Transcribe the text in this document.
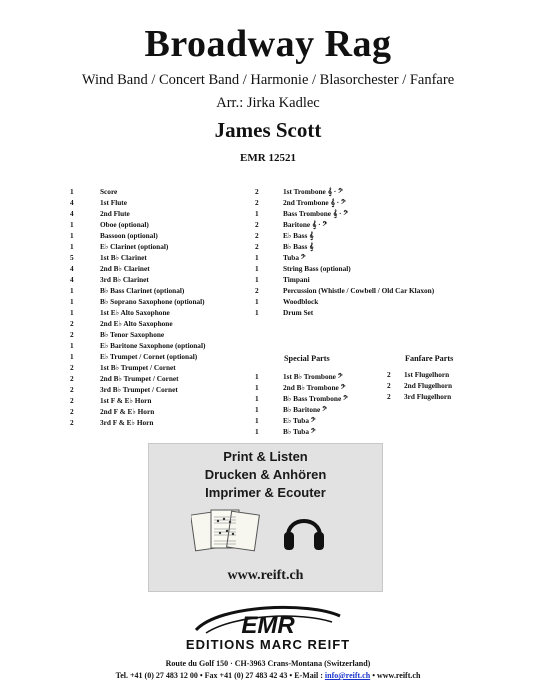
Broadway Rag
Wind Band / Concert Band / Harmonie / Blasorchester / Fanfare
Arr.: Jirka Kadlec
James Scott
EMR 12521
1	Score
4	1st Flute
4	2nd Flute
1	Oboe (optional)
1	Bassoon (optional)
1	E♭ Clarinet (optional)
5	1st B♭ Clarinet
4	2nd B♭ Clarinet
4	3rd B♭ Clarinet
1	B♭ Bass Clarinet (optional)
1	B♭ Soprano Saxophone (optional)
1	1st E♭ Alto Saxophone
2	2nd E♭ Alto Saxophone
2	B♭ Tenor Saxophone
1	E♭ Baritone Saxophone (optional)
1	E♭ Trumpet / Cornet (optional)
2	1st B♭ Trumpet / Cornet
2	2nd B♭ Trumpet / Cornet
2	3rd B♭ Trumpet / Cornet
2	1st F & E♭ Horn
2	2nd F & E♭ Horn
2	3rd F & E♭ Horn
2	1st Trombone 𝄞 · 𝄢
2	2nd Trombone 𝄞 · 𝄢
1	Bass Trombone 𝄞 · 𝄢
2	Baritone 𝄞 · 𝄢
2	E♭ Bass 𝄞
2	B♭ Bass 𝄞
1	Tuba 𝄢
1	String Bass (optional)
1	Timpani
2	Percussion (Whistle / Cowbell / Old Car Klaxon)
1	Woodblock
1	Drum Set
Special Parts	Fanfare Parts
1	1st B♭ Trombone 𝄢
1	2nd B♭ Trombone 𝄢
1	B♭ Bass Trombone 𝄢
1	B♭ Baritone 𝄢
1	E♭ Tuba 𝄢
1	B♭ Tuba 𝄢
2	1st Flugelhorn
2	2nd Flugelhorn
2	3rd Flugelhorn
Print & Listen
Drucken & Anhören
Imprimer & Ecouter
www.reift.ch
EMR
EDITIONS MARC REIFT
Route du Golf 150 · CH-3963 Crans-Montana (Switzerland)
Tel. +41 (0) 27 483 12 00 • Fax +41 (0) 27 483 42 43 • E-Mail : info@reift.ch • www.reift.ch
